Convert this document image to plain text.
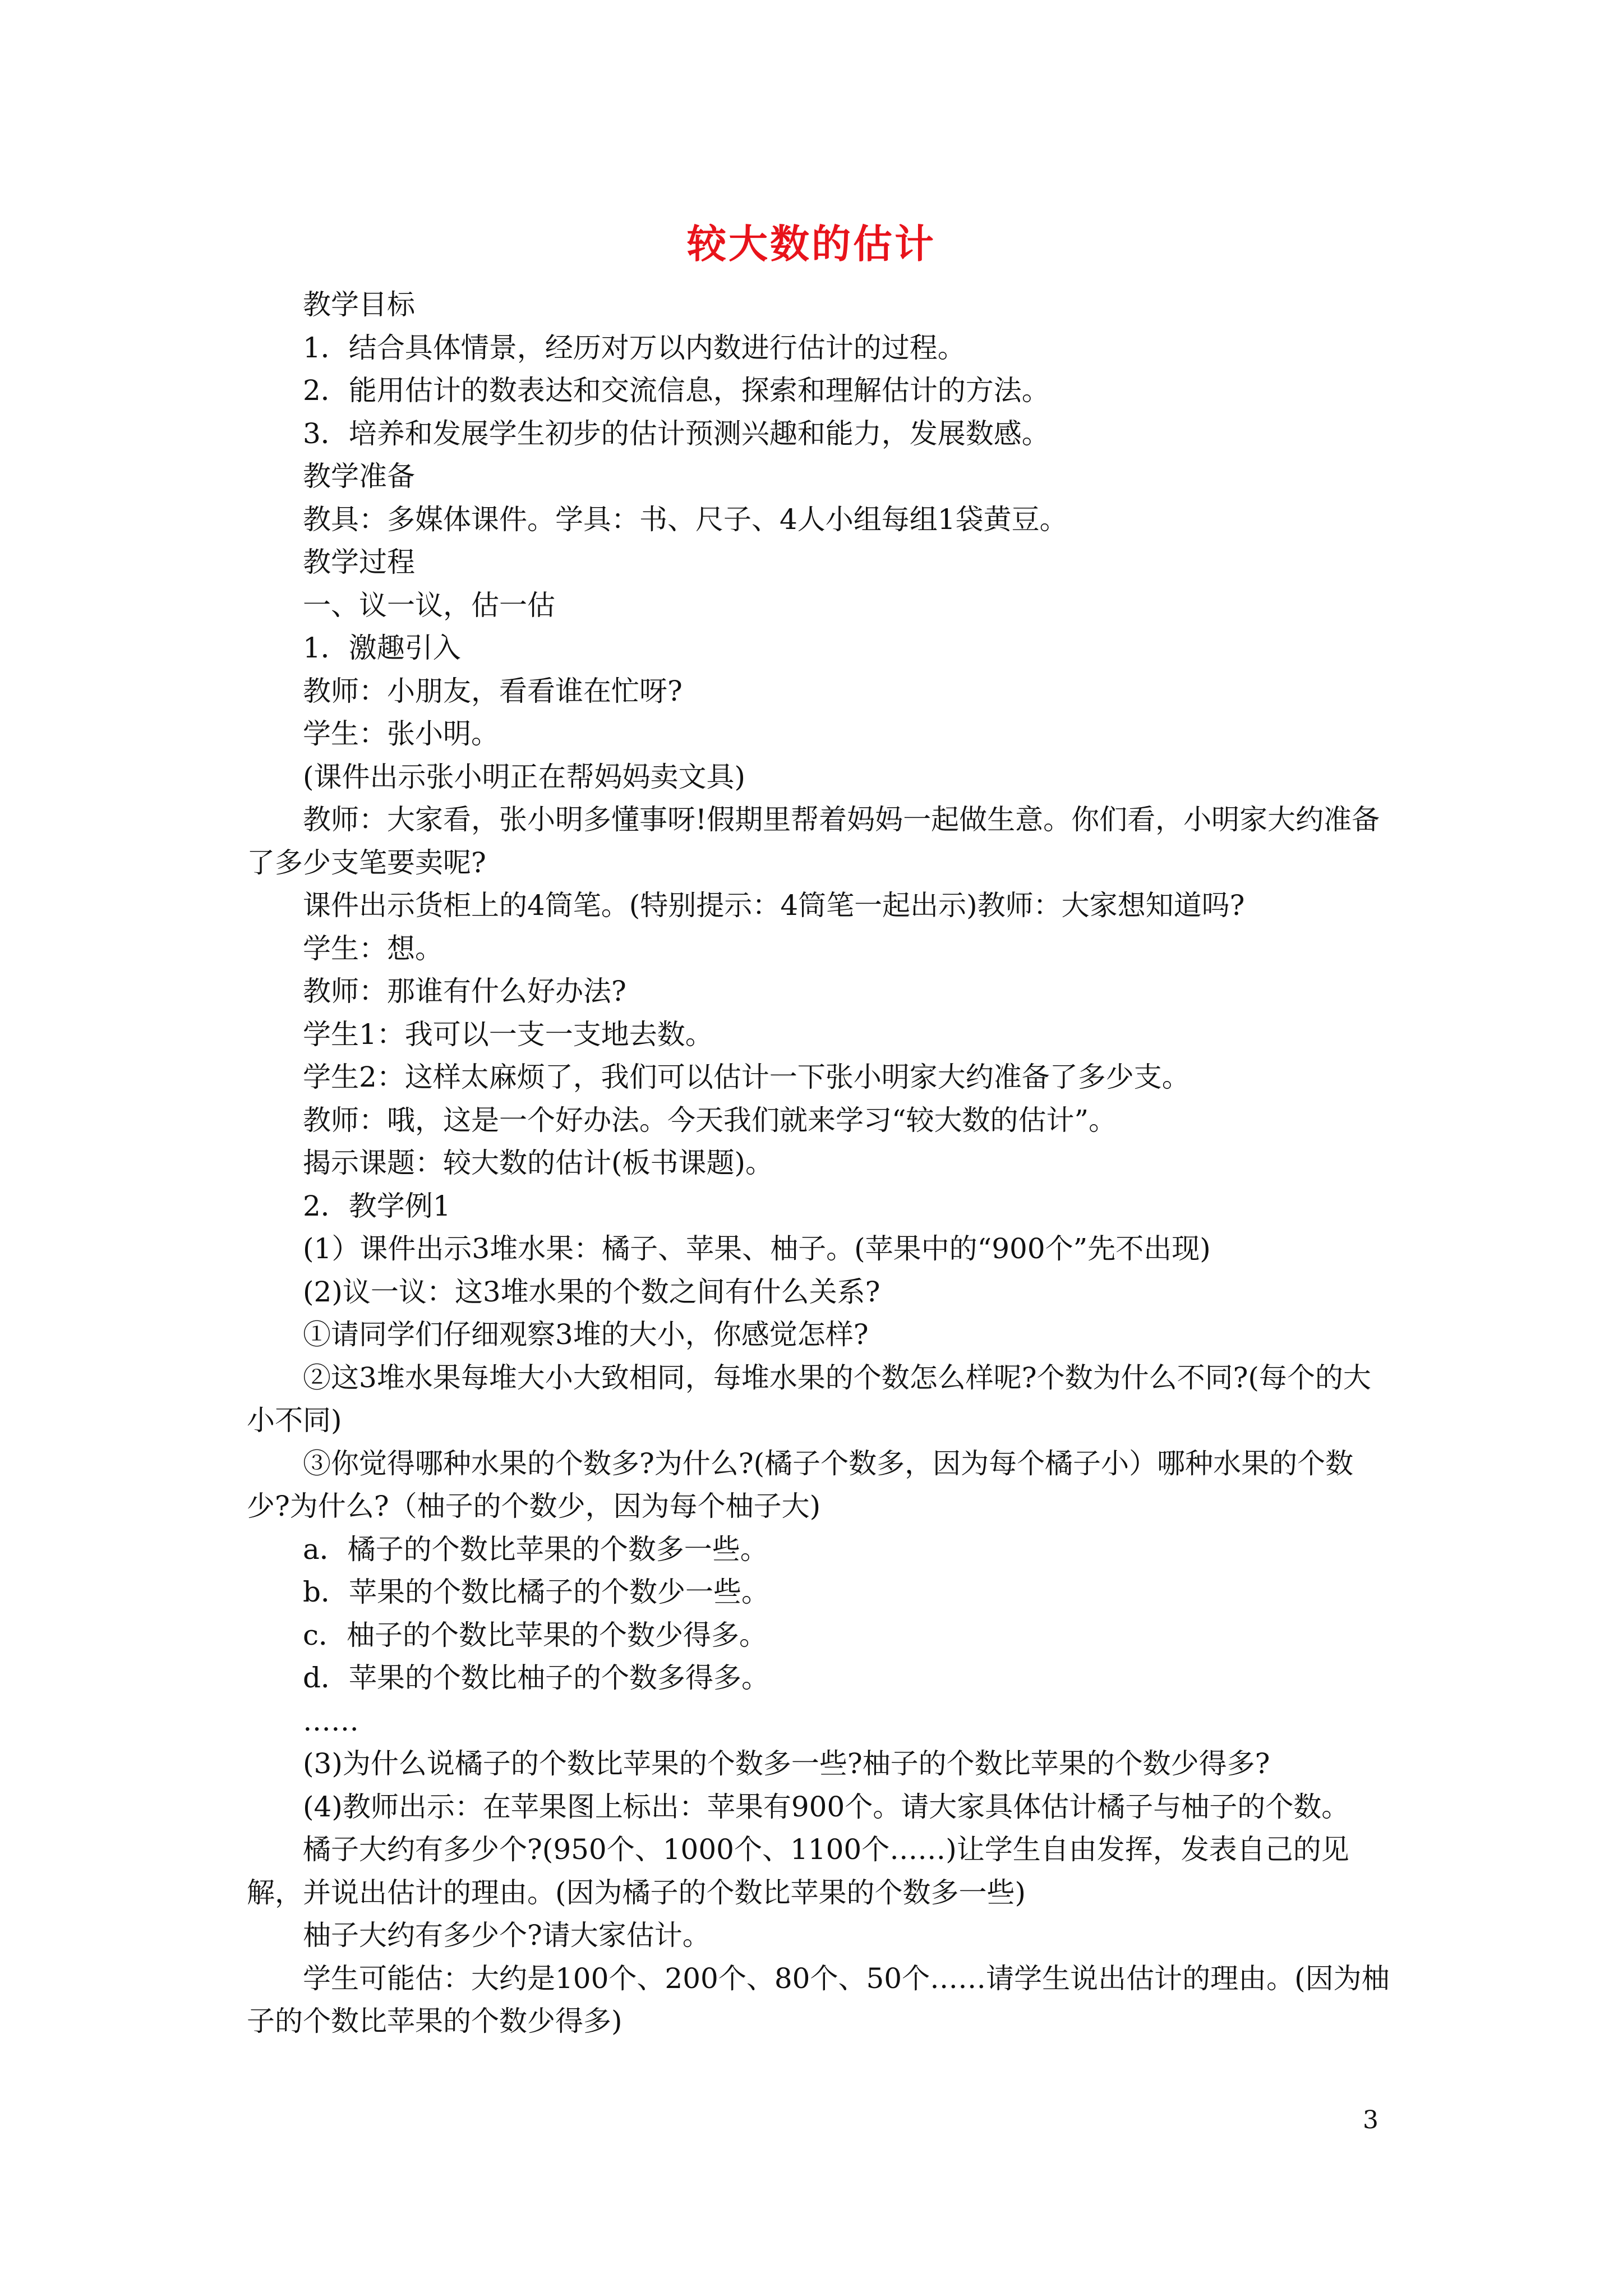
较大数的估计

教学目标

1．结合具体情景，经历对万以内数进行估计的过程。

2．能用估计的数表达和交流信息，探索和理解估计的方法。

3．培养和发展学生初步的估计预测兴趣和能力，发展数感。

教学准备

教具：多媒体课件。学具：书、尺子、4人小组每组1袋黄豆。

教学过程

一、议一议，估一估

1．激趣引入

教师：小朋友，看看谁在忙呀?

学生：张小明。

(课件出示张小明正在帮妈妈卖文具)

教师：大家看，张小明多懂事呀!假期里帮着妈妈一起做生意。你们看，小明家大约准备了多少支笔要卖呢?

课件出示货柜上的4筒笔。(特别提示：4筒笔一起出示)教师：大家想知道吗?

学生：想。

教师：那谁有什么好办法?

学生1：我可以一支一支地去数。

学生2：这样太麻烦了，我们可以估计一下张小明家大约准备了多少支。

教师：哦，这是一个好办法。今天我们就来学习“较大数的估计”。

揭示课题：较大数的估计(板书课题)。

2．教学例1

(1）课件出示3堆水果：橘子、苹果、柚子。(苹果中的“900个”先不出现)

(2)议一议：这3堆水果的个数之间有什么关系?

①请同学们仔细观察3堆的大小，你感觉怎样?

②这3堆水果每堆大小大致相同，每堆水果的个数怎么样呢?个数为什么不同?(每个的大小不同)

③你觉得哪种水果的个数多?为什么?(橘子个数多，因为每个橘子小）哪种水果的个数少?为什么?（柚子的个数少，因为每个柚子大)

a．橘子的个数比苹果的个数多一些。

b．苹果的个数比橘子的个数少一些。

c．柚子的个数比苹果的个数少得多。

d．苹果的个数比柚子的个数多得多。

……

(3)为什么说橘子的个数比苹果的个数多一些?柚子的个数比苹果的个数少得多?

(4)教师出示：在苹果图上标出：苹果有900个。请大家具体估计橘子与柚子的个数。

橘子大约有多少个?(950个、1000个、1100个……)让学生自由发挥，发表自己的见解，并说出估计的理由。(因为橘子的个数比苹果的个数多一些)

柚子大约有多少个?请大家估计。

学生可能估：大约是100个、200个、80个、50个……请学生说出估计的理由。(因为柚子的个数比苹果的个数少得多)

3
